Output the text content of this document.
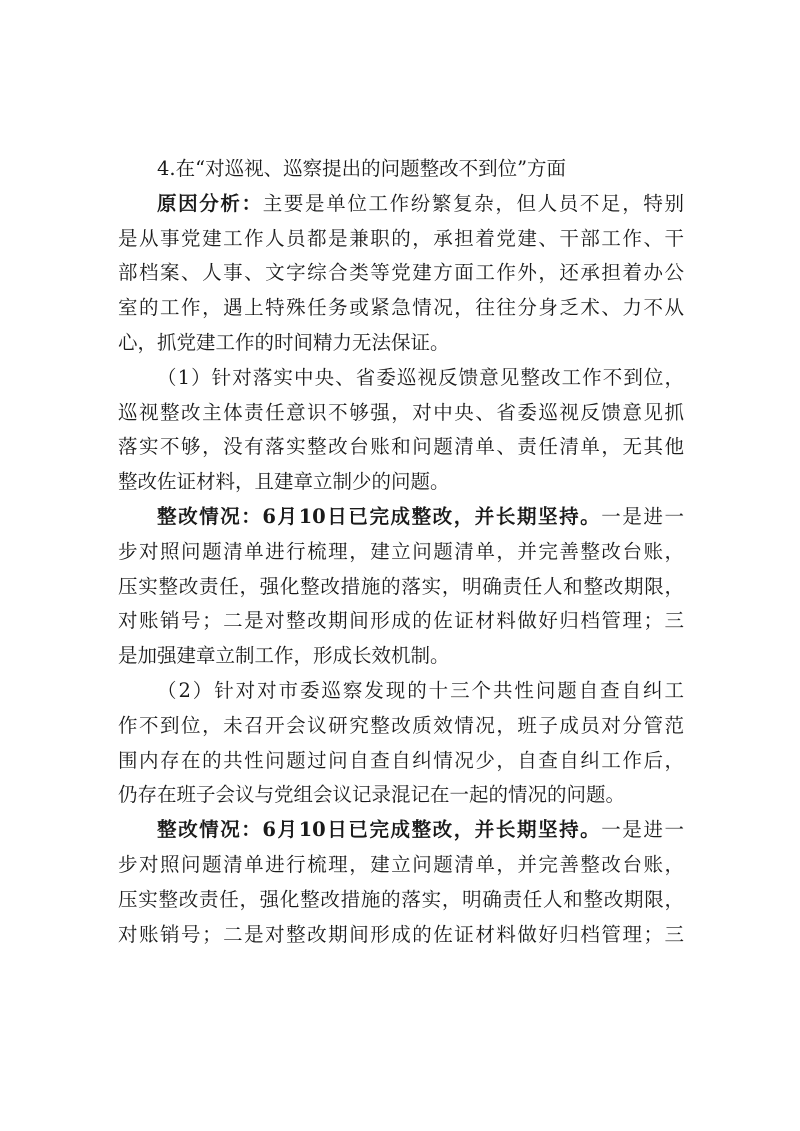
4.在“对巡视、巡察提出的问题整改不到位”方面
原因分析：主要是单位工作纷繁复杂，但人员不足，特别
是从事党建工作人员都是兼职的，承担着党建、干部工作、干
部档案、人事、文字综合类等党建方面工作外，还承担着办公
室的工作，遇上特殊任务或紧急情况，往往分身乏术、力不从
心，抓党建工作的时间精力无法保证。
（1）针对落实中央、省委巡视反馈意见整改工作不到位，
巡视整改主体责任意识不够强，对中央、省委巡视反馈意见抓
落实不够，没有落实整改台账和问题清单、责任清单，无其他
整改佐证材料，且建章立制少的问题。
整改情况：6月10日已完成整改，并长期坚持。一是进一
步对照问题清单进行梳理，建立问题清单，并完善整改台账，
压实整改责任，强化整改措施的落实，明确责任人和整改期限，
对账销号；二是对整改期间形成的佐证材料做好归档管理；三
是加强建章立制工作，形成长效机制。
（2）针对对市委巡察发现的十三个共性问题自查自纠工
作不到位，未召开会议研究整改质效情况，班子成员对分管范
围内存在的共性问题过问自查自纠情况少，自查自纠工作后，
仍存在班子会议与党组会议记录混记在一起的情况的问题。
整改情况：6月10日已完成整改，并长期坚持。一是进一
步对照问题清单进行梳理，建立问题清单，并完善整改台账，
压实整改责任，强化整改措施的落实，明确责任人和整改期限，
对账销号；二是对整改期间形成的佐证材料做好归档管理；三
